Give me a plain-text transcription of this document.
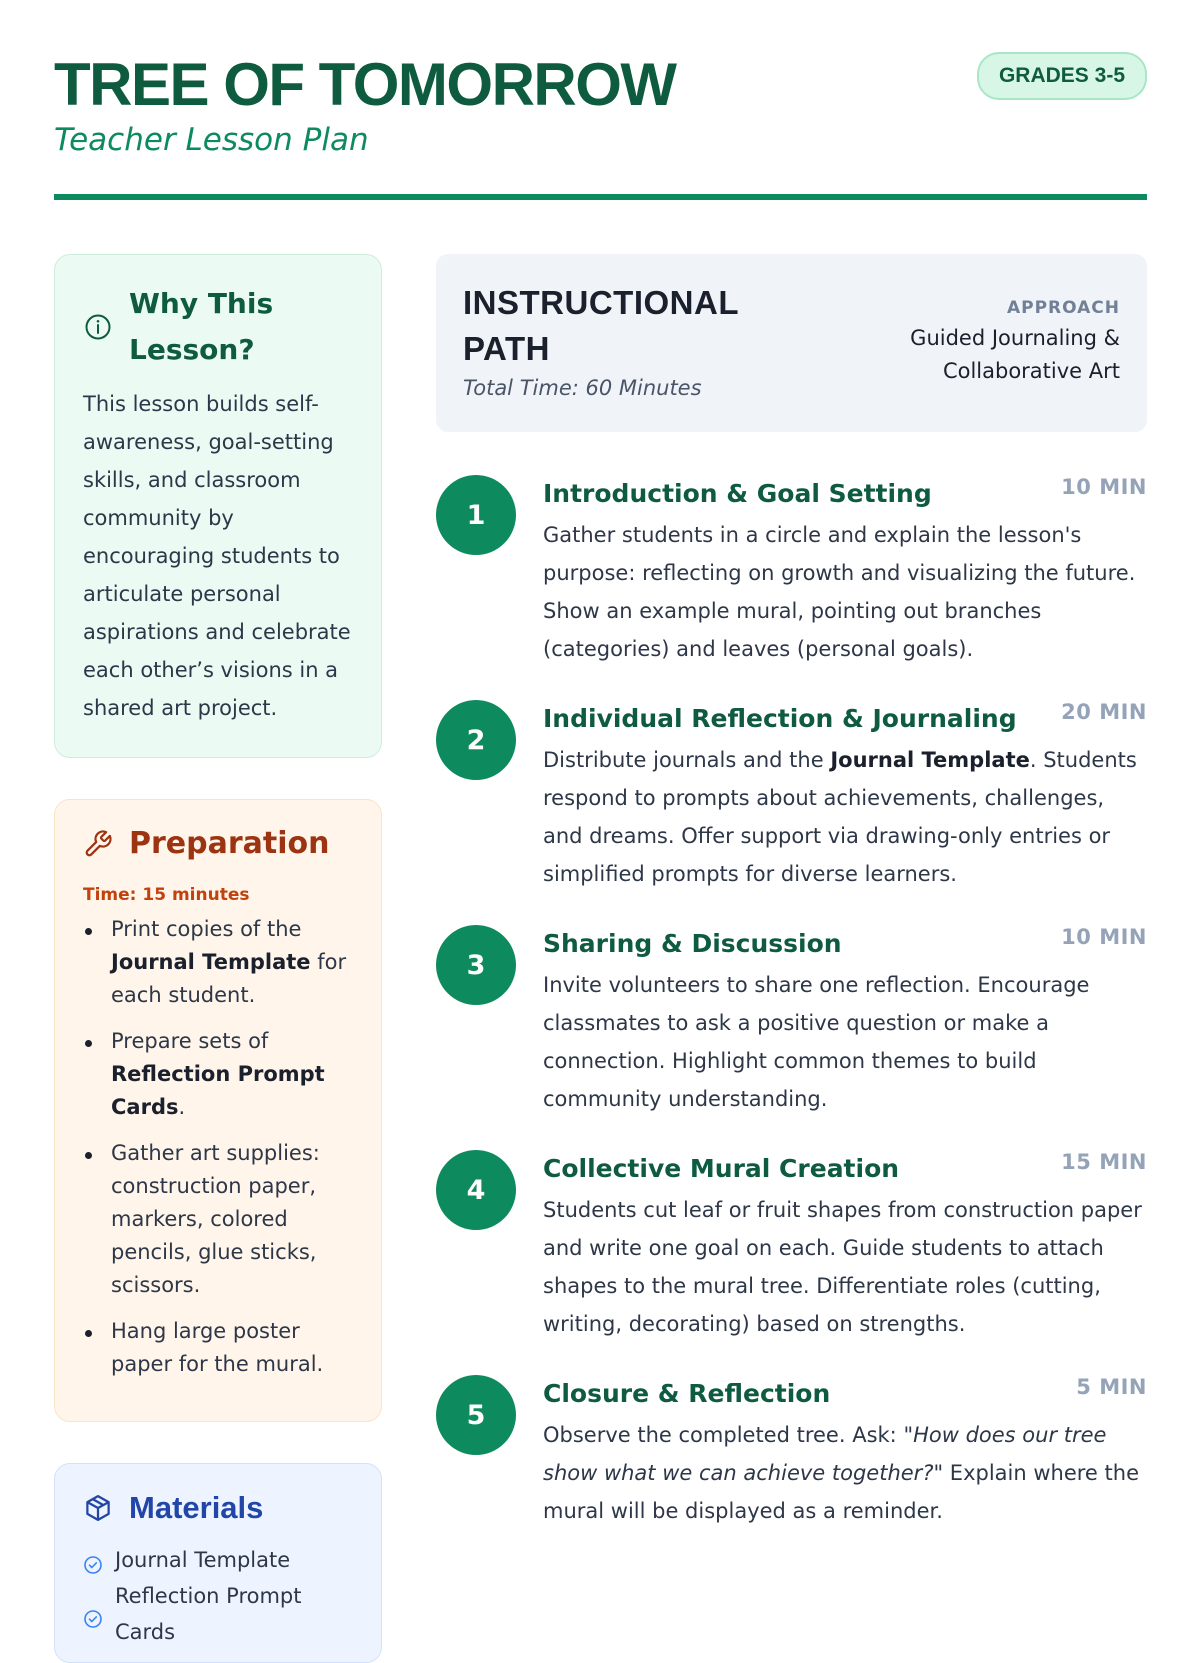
TREE OF TOMORROW
Teacher Lesson Plan
GRADES 3-5
Why This Lesson?

This lesson builds self-awareness, goal-setting skills, and classroom community by encouraging students to articulate personal aspirations and celebrate each other’s visions in a shared art project.

Preparation
Time: 15 minutes
Print copies of the Journal Template for each student.
Prepare sets of Reflection Prompt Cards.
Gather art supplies: construction paper, markers, colored pencils, glue sticks, scissors.
Hang large poster paper for the mural.
Materials
Journal Template
Reflection Prompt Cards
INSTRUCTIONAL PATH
Total Time: 60 Minutes
APPROACH
Guided Journaling & Collaborative Art
1
Introduction & Goal Setting	10 MIN

Gather students in a circle and explain the lesson's purpose: reflecting on growth and visualizing the future. Show an example mural, pointing out branches (categories) and leaves (personal goals).

2
Individual Reflection & Journaling	20 MIN

Distribute journals and the Journal Template. Students respond to prompts about achievements, challenges, and dreams. Offer support via drawing-only entries or simplified prompts for diverse learners.

3
Sharing & Discussion	10 MIN

Invite volunteers to share one reflection. Encourage classmates to ask a positive question or make a connection. Highlight common themes to build community understanding.

4
Collective Mural Creation	15 MIN

Students cut leaf or fruit shapes from construction paper and write one goal on each. Guide students to attach shapes to the mural tree. Differentiate roles (cutting, writing, decorating) based on strengths.

5
Closure & Reflection	5 MIN

Observe the completed tree. Ask: "How does our tree show what we can achieve together?" Explain where the mural will be displayed as a reminder.
